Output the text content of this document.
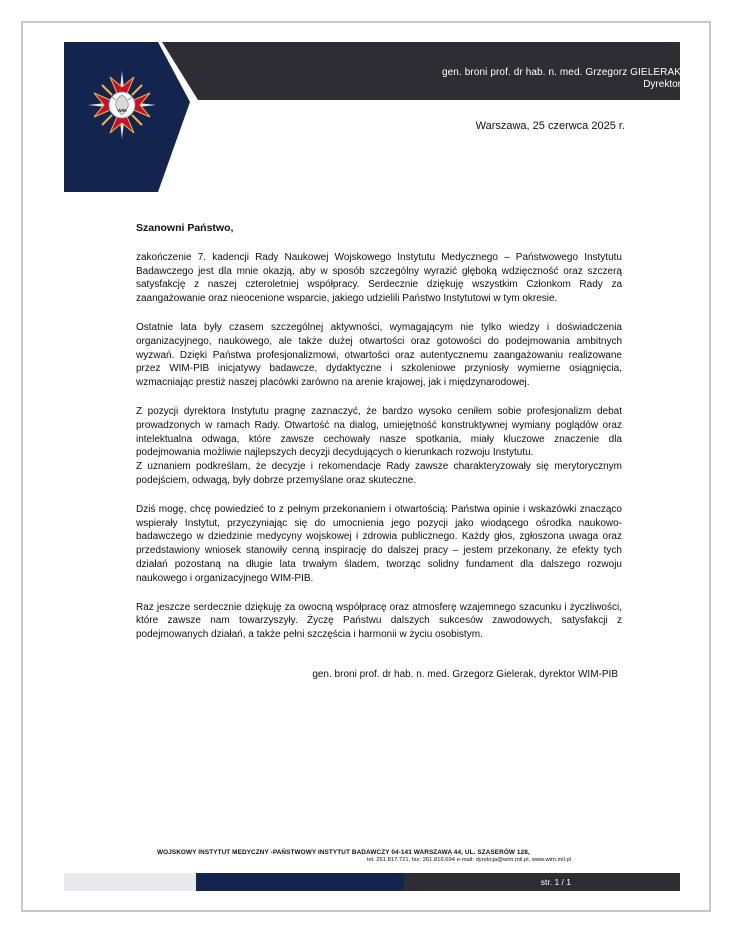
WIM
gen. broni prof. dr hab. n. med. Grzegorz GIELERAK
Dyrektor
Warszawa, 25 czerwca 2025 r.
Szanowni Państwo,

zakończenie 7. kadencji Rady Naukowej Wojskowego Instytutu Medycznego – Państwowego Instytutu Badawczego jest dla mnie okazją, aby w sposób szczególny wyrazić głęboką wdzięczność oraz szczerą satysfakcję z naszej czteroletniej współpracy. Serdecznie dziękuję wszystkim Członkom Rady za zaangażowanie oraz nieocenione wsparcie, jakiego udzielili Państwo Instytutowi w tym okresie.

Ostatnie lata były czasem szczególnej aktywności, wymagającym nie tylko wiedzy i doświadczenia organizacyjnego, naukowego, ale także dużej otwartości oraz gotowości do podejmowania ambitnych wyzwań. Dzięki Państwa profesjonalizmowi, otwartości oraz autentycznemu zaangażowaniu realizowane przez WIM-PIB inicjatywy badawcze, dydaktyczne i szkoleniowe przyniosły wymierne osiągnięcia, wzmacniając prestiż naszej placówki zarówno na arenie krajowej, jak i międzynarodowej.

Z pozycji dyrektora Instytutu pragnę zaznaczyć, że bardzo wysoko ceniłem sobie profesjonalizm debat prowadzonych w ramach Rady. Otwartość na dialog, umiejętność konstruktywnej wymiany poglądów oraz intelektualna odwaga, które zawsze cechowały nasze spotkania, miały kluczowe znaczenie dla podejmowania możliwie najlepszych decyzji decydujących o kierunkach rozwoju Instytutu.

Z uznaniem podkreślam, że decyzje i rekomendacje Rady zawsze charakteryzowały się merytorycznym podejściem, odwagą, były dobrze przemyślane oraz skuteczne.

Dziś mogę, chcę powiedzieć to z pełnym przekonaniem i otwartością: Państwa opinie i wskazówki znacząco wspierały Instytut, przyczyniając się do umocnienia jego pozycji jako wiodącego ośrodka naukowo-badawczego w dziedzinie medycyny wojskowej i zdrowia publicznego. Każdy głos, zgłoszona uwaga oraz przedstawiony wniosek stanowiły cenną inspirację do dalszej pracy – jestem przekonany, że efekty tych działań pozostaną na długie lata trwałym śladem, tworząc solidny fundament dla dalszego rozwoju naukowego i organizacyjnego WIM-PIB.

Raz jeszcze serdecznie dziękuję za owocną współpracę oraz atmosferę wzajemnego szacunku i życzliwości, które zawsze nam towarzyszyły. Życzę Państwu dalszych sukcesów zawodowych, satysfakcji z podejmowanych działań, a także pełni szczęścia i harmonii w życiu osobistym.

gen. broni prof. dr hab. n. med. Grzegorz Gielerak, dyrektor WIM-PIB
WOJSKOWY INSTYTUT MEDYCZNY -PAŃSTWOWY INSTYTUT BADAWCZY 04-141 WARSZAWA 44, UL. SZASERÓW 128,
tel. 261.817.721, fax: 261.816.694 e-mail: dyrekcja@wim.mil.pl, www.wim.mil.pl
str. 1 / 1
